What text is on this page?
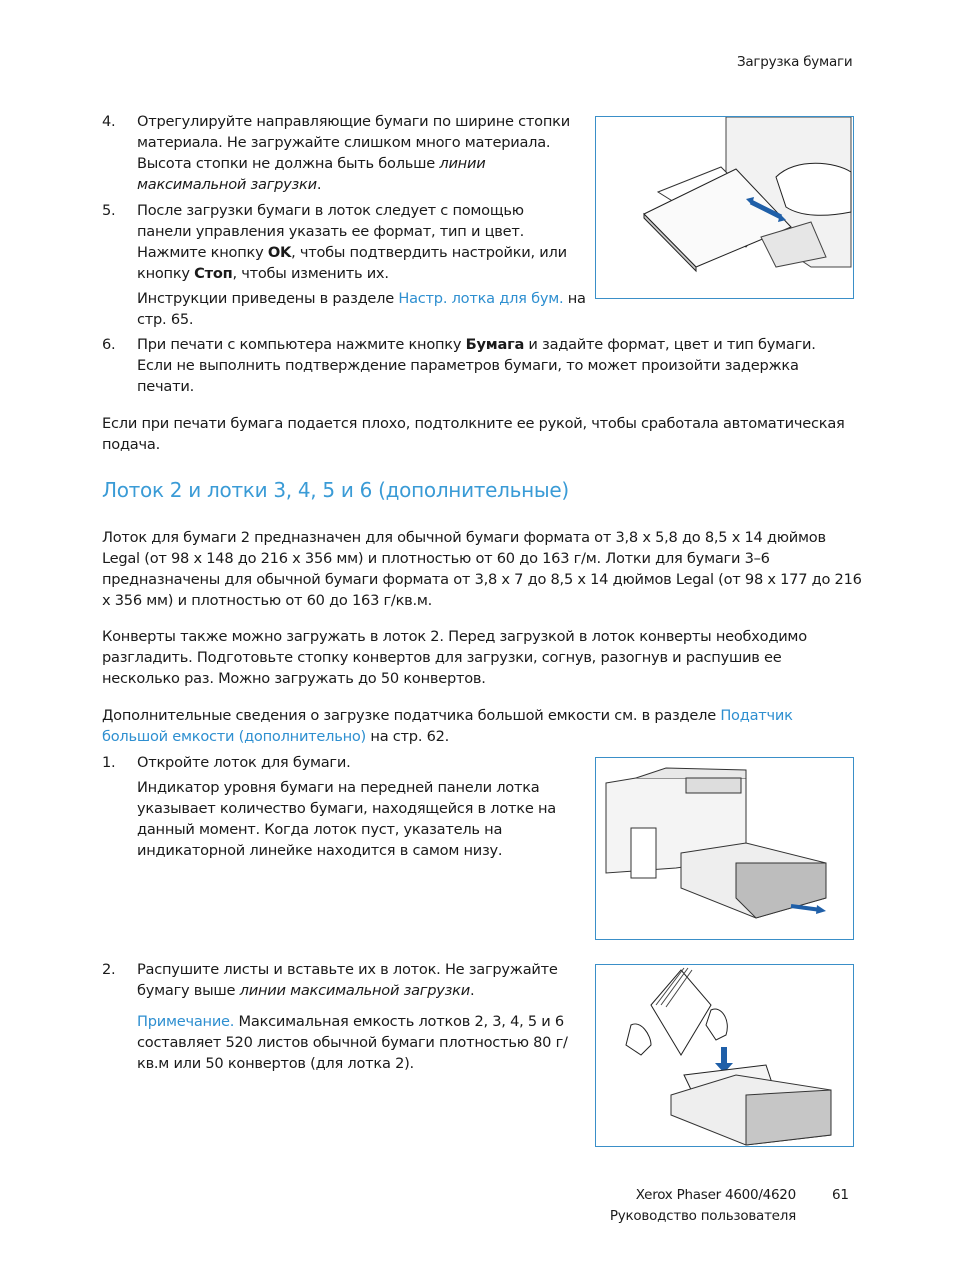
Загрузка бумаги
4. Отрегулируйте направляющие бумаги по ширине стопки материала. Не загружайте слишком много материала. Высота стопки не должна быть больше линии максимальной загрузки.
5. После загрузки бумаги в лоток следует с помощью панели управления указать ее формат, тип и цвет. Нажмите кнопку OK, чтобы подтвердить настройки, или кнопку Стоп, чтобы изменить их.
Инструкции приведены в разделе Настр. лотка для бум. на стр. 65.
6. При печати с компьютера нажмите кнопку Бумага и задайте формат, цвет и тип бумаги. Если не выполнить подтверждение параметров бумаги, то может произойти задержка печати.
Если при печати бумага подается плохо, подтолкните ее рукой, чтобы сработала автоматическая подача.
Лоток 2 и лотки 3, 4, 5 и 6 (дополнительные)
Лоток для бумаги 2 предназначен для обычной бумаги формата от 3,8 x 5,8 до 8,5 x 14 дюймов Legal (от 98 x 148 до 216 x 356 мм) и плотностью от 60 до 163 г/м. Лотки для бумаги 3–6 предназначены для обычной бумаги формата от 3,8 x 7 до 8,5 x 14 дюймов Legal (от 98 x 177 до 216 x 356 мм) и плотностью от 60 до 163 г/кв.м.
Конверты также можно загружать в лоток 2. Перед загрузкой в лоток конверты необходимо разгладить. Подготовьте стопку конвертов для загрузки, согнув, разогнув и распушив ее несколько раз. Можно загружать до 50 конвертов.
Дополнительные сведения о загрузке податчика большой емкости см. в разделе Податчик большой емкости (дополнительно) на стр. 62.
1. Откройте лоток для бумаги.
Индикатор уровня бумаги на передней панели лотка указывает количество бумаги, находящейся в лотке на данный момент. Когда лоток пуст, указатель на индикаторной линейке находится в самом низу.
2. Распушите листы и вставьте их в лоток. Не загружайте бумагу выше линии максимальной загрузки.
Примечание. Максимальная емкость лотков 2, 3, 4, 5 и 6 составляет 520 листов обычной бумаги плотностью 80 г/кв.м или 50 конвертов (для лотка 2).
Xerox Phaser 4600/4620
Руководство пользователя
61
